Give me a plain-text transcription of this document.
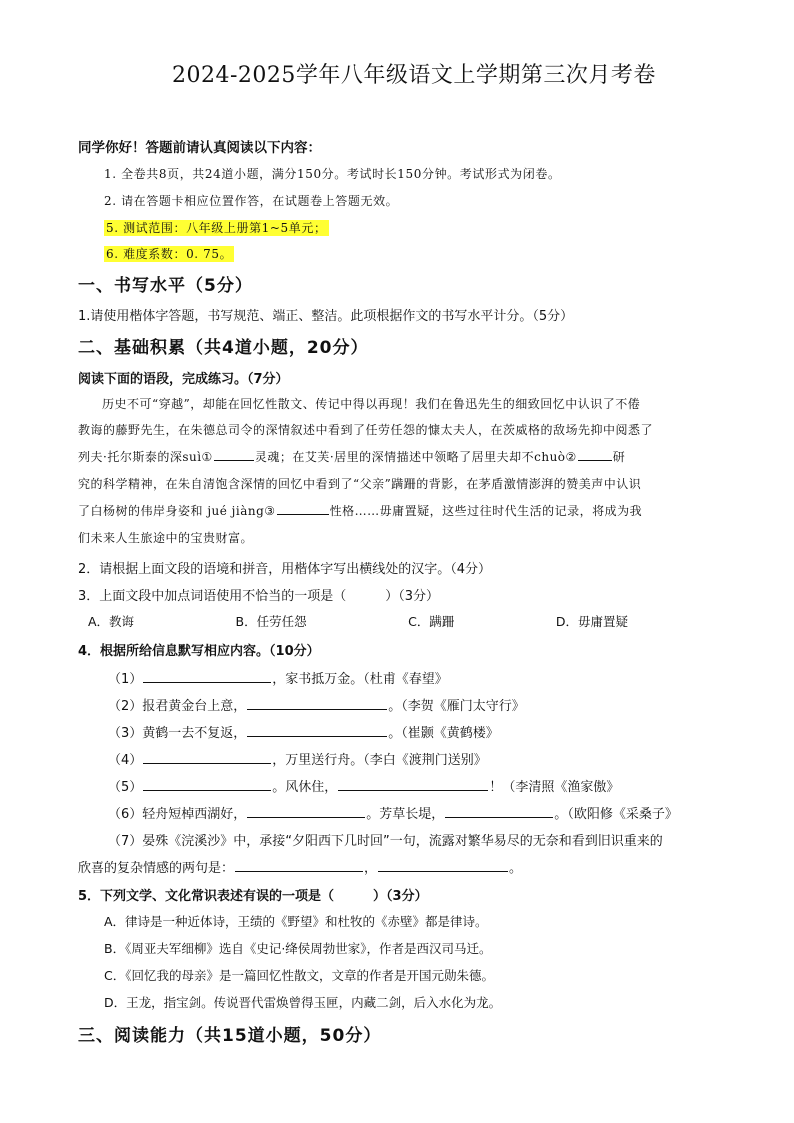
2024-2025学年八年级语文上学期第三次月考卷
同学你好！答题前请认真阅读以下内容：
1. 全卷共8页，共24道小题，满分150分。考试时长150分钟。考试形式为闭卷。
2. 请在答题卡相应位置作答，在试题卷上答题无效。
5. 测试范围：八年级上册第1~5单元；
6. 难度系数：0. 75。
一、书写水平（5分）
1.请使用楷体字答题，书写规范、端正、整洁。此项根据作文的书写水平计分。（5分）
二、基础积累（共4道小题，20分）
阅读下面的语段，完成练习。（7分）
历史不可“穿越”，却能在回忆性散文、传记中得以再现！我们在鲁迅先生的细致回忆中认识了不倦
教诲的藤野先生，在朱德总司令的深情叙述中看到了任劳任怨的慷太夫人，在茨威格的敌场先抑中阅悉了
列夫·托尔斯泰的深suì①	灵魂；在艾芙·居里的深情描述中领略了居里夫却不chuò②	研
究的科学精神，在朱自清饱含深情的回忆中看到了“父亲”蹒跚的背影，在茅盾激情澎湃的赞美声中认识
了白杨树的伟岸身姿和 jué jiàng③	性格……毋庸置疑，这些过往时代生活的记录，将成为我
们未来人生旅途中的宝贵财富。
2．请根据上面文段的语境和拼音，用楷体字写出横线处的汉字。（4分）
3．上面文段中加点词语使用不恰当的一项是（　　　）（3分）
A．教诲	B．任劳任怨	C．蹒跚	D．毋庸置疑
4．根据所给信息默写相应内容。（10分）
（1）	，家书抵万金。（杜甫《春望》
（2）报君黄金台上意，	。（李贺《雁门太守行》
（3）黄鹤一去不复返，	。（崔颢《黄鹤楼》
（4）	，万里送行舟。（李白《渡荆门送别》
（5）	。风休住，	！（李清照《渔家傲》
（6）轻舟短棹西湖好，	。芳草长堤，	。（欧阳修《采桑子》
（7）晏殊《浣溪沙》中，承接“夕阳西下几时回”一句，流露对繁华易尽的无奈和看到旧识重来的
欣喜的复杂情感的两句是：	，	。
5．下列文学、文化常识表述有误的一项是（　　　）（3分）
A．律诗是一种近体诗，王绩的《野望》和杜牧的《赤壁》都是律诗。
B．《周亚夫军细柳》选自《史记·绛侯周勃世家》，作者是西汉司马迁。
C．《回忆我的母亲》是一篇回忆性散文，文章的作者是开国元勋朱德。
D．王龙，指宝剑。传说晋代雷焕曾得玉匣，内藏二剑，后入水化为龙。
三、阅读能力（共15道小题，50分）
